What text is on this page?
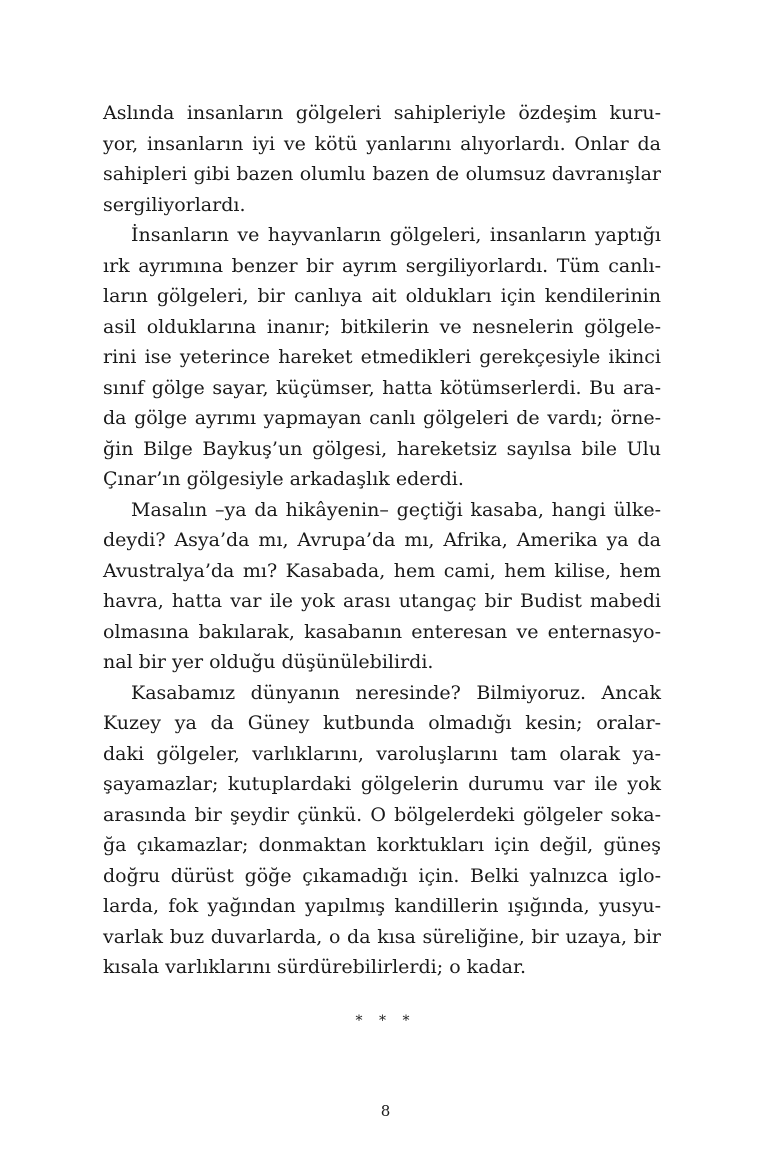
Aslında insanların gölgeleri sahipleriyle özdeşim kuru-
yor, insanların iyi ve kötü yanlarını alıyorlardı. Onlar da
sahipleri gibi bazen olumlu bazen de olumsuz davranışlar
sergiliyorlardı.
İnsanların ve hayvanların gölgeleri, insanların yaptığı
ırk ayrımına benzer bir ayrım sergiliyorlardı. Tüm canlı-
ların gölgeleri, bir canlıya ait oldukları için kendilerinin
asil olduklarına inanır; bitkilerin ve nesnelerin gölgele-
rini ise yeterince hareket etmedikleri gerekçesiyle ikinci
sınıf gölge sayar, küçümser, hatta kötümserlerdi. Bu ara-
da gölge ayrımı yapmayan canlı gölgeleri de vardı; örne-
ğin Bilge Baykuş’un gölgesi, hareketsiz sayılsa bile Ulu
Çınar’ın gölgesiyle arkadaşlık ederdi.
Masalın –ya da hikâyenin– geçtiği kasaba, hangi ülke-
deydi? Asya’da mı, Avrupa’da mı, Afrika, Amerika ya da
Avustralya’da mı? Kasabada, hem cami, hem kilise, hem
havra, hatta var ile yok arası utangaç bir Budist mabedi
olmasına bakılarak, kasabanın enteresan ve enternasyo-
nal bir yer olduğu düşünülebilirdi.
Kasabamız dünyanın neresinde? Bilmiyoruz. Ancak
Kuzey ya da Güney kutbunda olmadığı kesin; oralar-
daki gölgeler, varlıklarını, varoluşlarını tam olarak ya-
şayamazlar; kutuplardaki gölgelerin durumu var ile yok
arasında bir şeydir çünkü. O bölgelerdeki gölgeler soka-
ğa çıkamazlar; donmaktan korktukları için değil, güneş
doğru dürüst göğe çıkamadığı için. Belki yalnızca iglo-
larda, fok yağından yapılmış kandillerin ışığında, yusyu-
varlak buz duvarlarda, o da kısa süreliğine, bir uzaya, bir
kısala varlıklarını sürdürebilirlerdi; o kadar.
* * *
8
